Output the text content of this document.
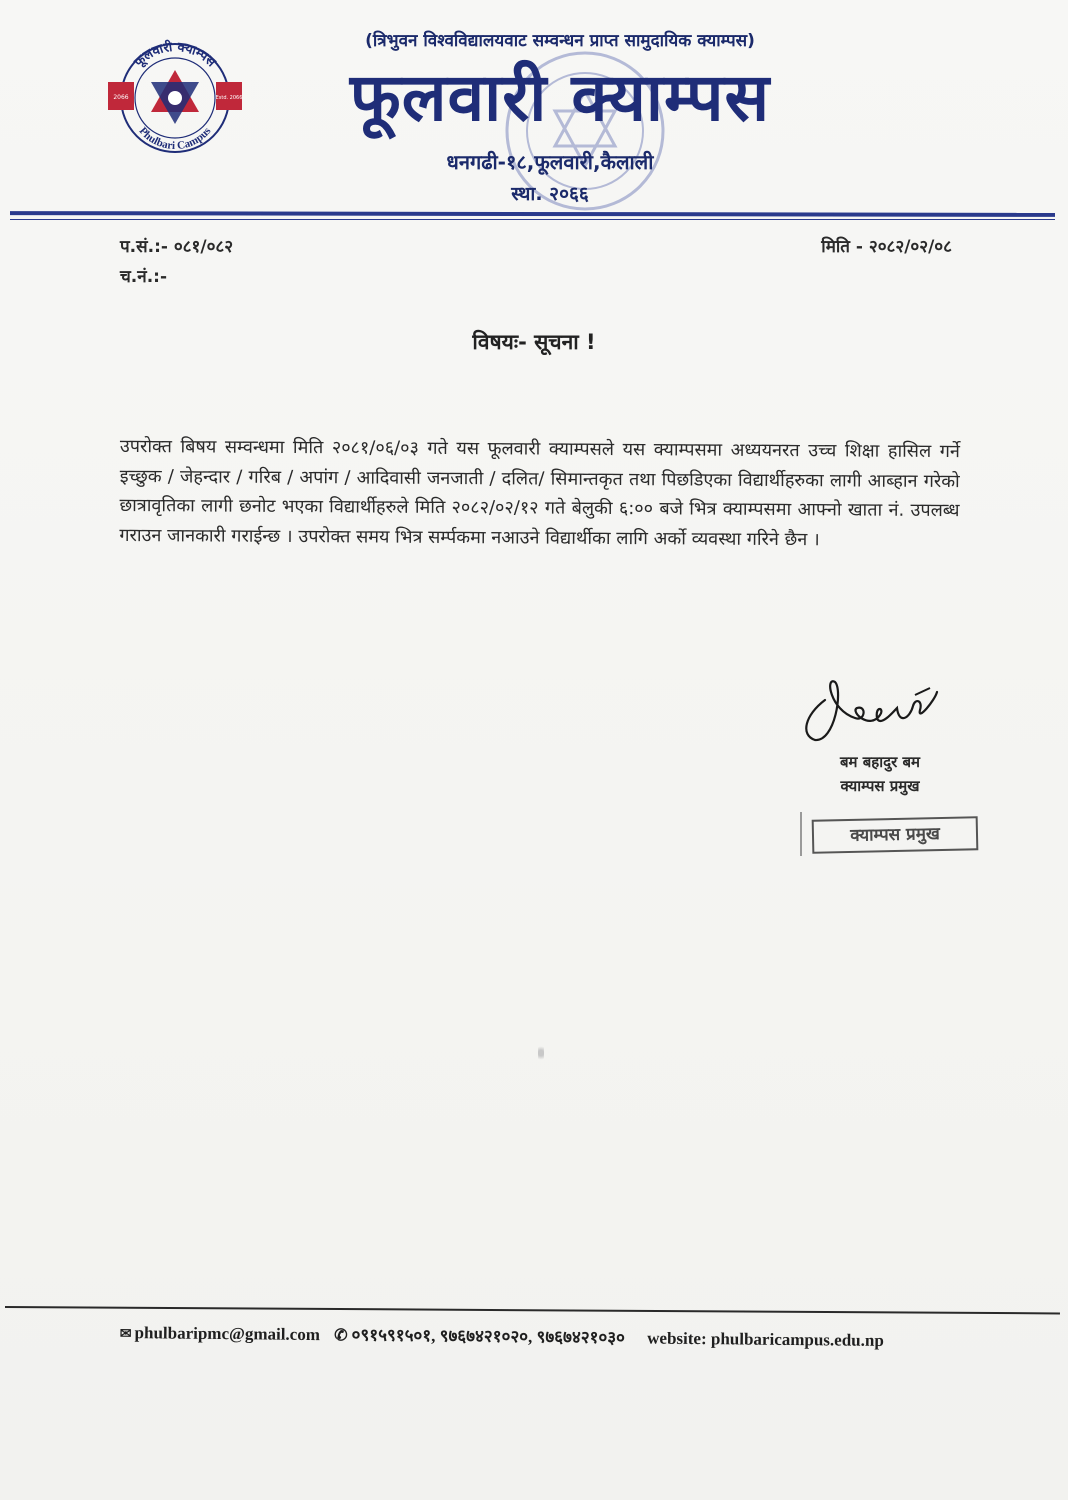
फूलवारी क्याम्पस
Phulbari Campus
2066	Estd. 2066
(त्रिभुवन विश्वविद्यालयवाट सम्वन्धन प्राप्त सामुदायिक क्याम्पस)
फूलवारी क्याम्पस
धनगढी-१८,फूलवारी,कैलाली
स्था. २०६६
प.सं.:- ०८१/०८२
च.नं.:-
मिति - २०८२/०२/०८
विषयः- सूचना !
उपरोक्त बिषय सम्वन्धमा मिति २०८१/०६/०३ गते यस फूलवारी क्याम्पसले यस क्याम्पसमा अध्ययनरत उच्च शिक्षा हासिल गर्ने इच्छुक / जेहन्दार / गरिब / अपांग / आदिवासी जनजाती / दलित/ सिमान्तकृत तथा पिछडिएका विद्यार्थीहरुका लागी आब्हान गरेको छात्रावृतिका लागी छनोट भएका विद्यार्थीहरुले मिति २०८२/०२/१२ गते बेलुकी ६:०० बजे भित्र क्याम्पसमा आफ्नो खाता नं. उपलब्ध गराउन जानकारी गराईन्छ । उपरोक्त समय भित्र सर्म्पकमा नआउने विद्यार्थीका लागि अर्को व्यवस्था गरिने छैन ।
बम बहादुर बम
क्याम्पस प्रमुख
क्याम्पस प्रमुख
✉ phulbaripmc@gmail.com ✆ ०९१५९१५०१, ९७६७४२१०२०, ९७६७४२१०३० website: phulbaricampus.edu.np
